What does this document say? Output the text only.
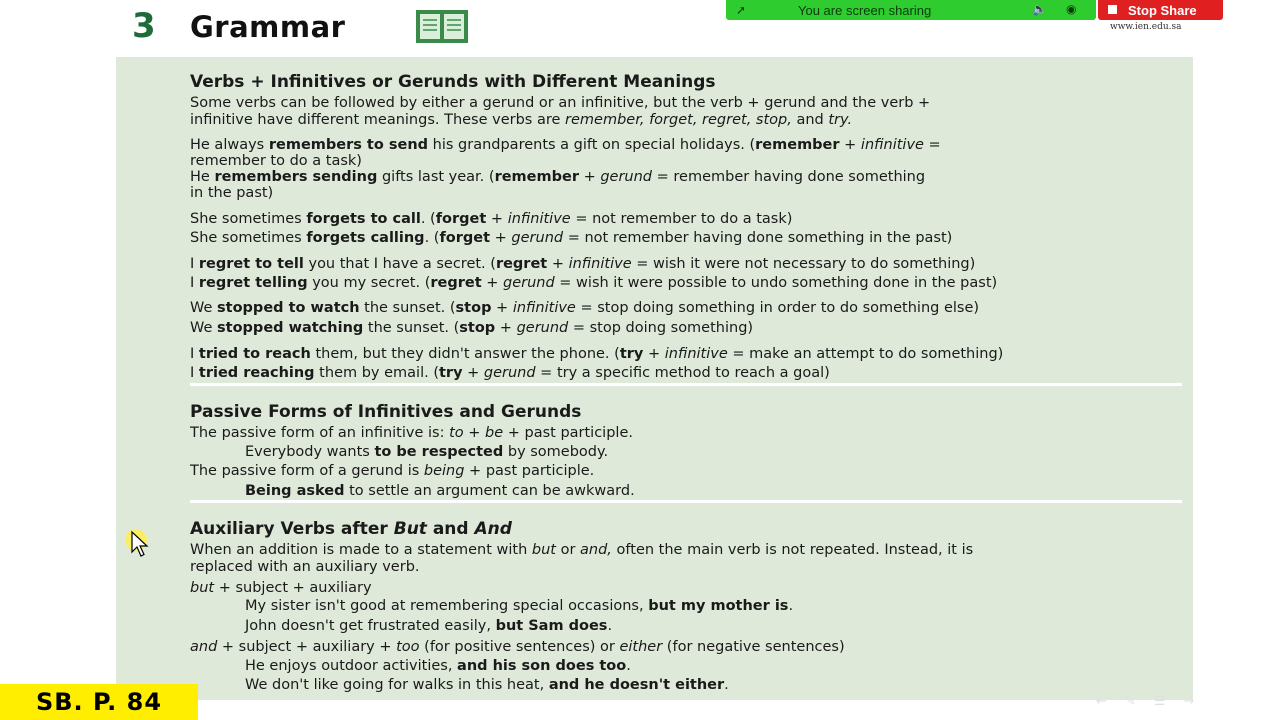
3 Grammar	➚	You are screen sharing	🔈 ◉	Stop Share
www.ien.edu.sa
Verbs + Infinitives or Gerunds with Different Meanings
Some verbs can be followed by either a gerund or an infinitive, but the verb + gerund and the verb +
infinitive have different meanings. These verbs are remember, forget, regret, stop, and try.
He always remembers to send his grandparents a gift on special holidays. (remember + infinitive =
remember to do a task)
He remembers sending gifts last year. (remember + gerund = remember having done something
in the past)
She sometimes forgets to call. (forget + infinitive = not remember to do a task)
She sometimes forgets calling. (forget + gerund = not remember having done something in the past)
I regret to tell you that I have a secret. (regret + infinitive = wish it were not necessary to do something)
I regret telling you my secret. (regret + gerund = wish it were possible to undo something done in the past)
We stopped to watch the sunset. (stop + infinitive = stop doing something in order to do something else)
We stopped watching the sunset. (stop + gerund = stop doing something)
I tried to reach them, but they didn't answer the phone. (try + infinitive = make an attempt to do something)
I tried reaching them by email. (try + gerund = try a specific method to reach a goal)
Passive Forms of Infinitives and Gerunds
The passive form of an infinitive is: to + be + past participle.
Everybody wants to be respected by somebody.
The passive form of a gerund is being + past participle.
Being asked to settle an argument can be awkward.
Auxiliary Verbs after But and And
When an addition is made to a statement with but or and, often the main verb is not repeated. Instead, it is
replaced with an auxiliary verb.
but + subject + auxiliary
My sister isn't good at remembering special occasions, but my mother is.
John doesn't get frustrated easily, but Sam does.
and + subject + auxiliary + too (for positive sentences) or either (for negative sentences)
He enjoys outdoor activities, and his son does too.
We don't like going for walks in this heat, and he doesn't either.
SB. P. 84	←✎☰→
